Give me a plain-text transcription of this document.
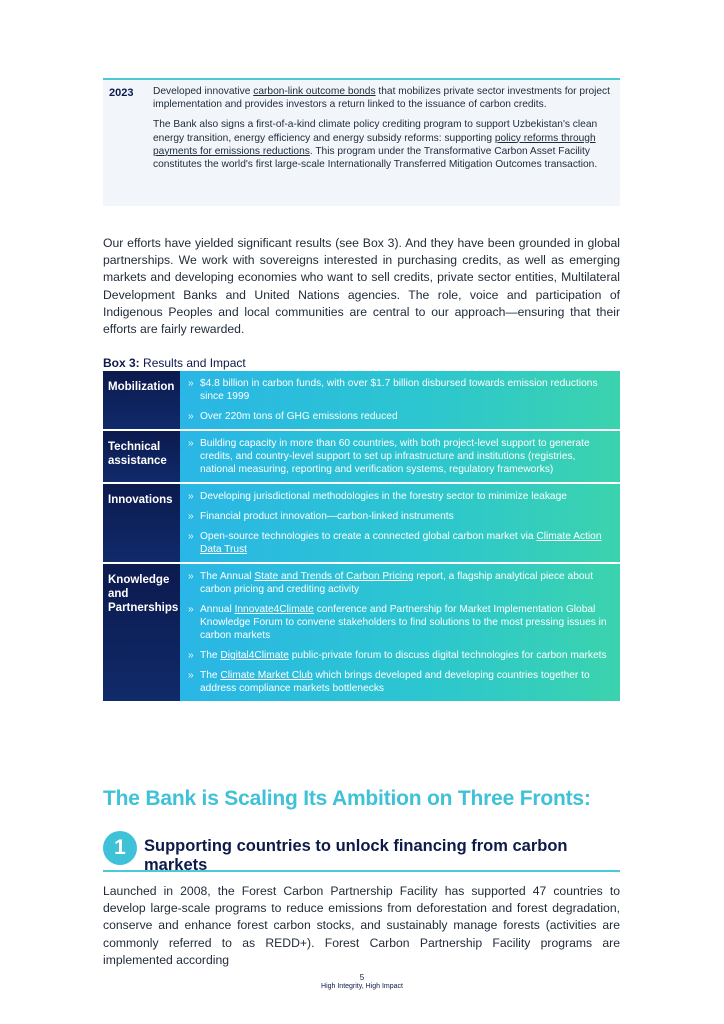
2023 Developed innovative carbon-link outcome bonds that mobilizes private sector investments for project implementation and provides investors a return linked to the issuance of carbon credits.

The Bank also signs a first-of-a-kind climate policy crediting program to support Uzbekistan's clean energy transition, energy efficiency and energy subsidy reforms: supporting policy reforms through payments for emissions reductions. This program under the Transformative Carbon Asset Facility constitutes the world's first large-scale Internationally Transferred Mitigation Outcomes transaction.

Our efforts have yielded significant results (see Box 3). And they have been grounded in global partnerships. We work with sovereigns interested in purchasing credits, as well as emerging markets and developing economies who want to sell credits, private sector entities, Multilateral Development Banks and United Nations agencies. The role, voice and participation of Indigenous Peoples and local communities are central to our approach—ensuring that their efforts are fairly rewarded.

Box 3: Results and Impact
Mobilization	» $4.8 billion in carbon funds, with over $1.7 billion disbursed towards emission reductions since 1999
» Over 220m tons of GHG emissions reduced
Technical assistance
» Building capacity in more than 60 countries, with both project-level support to generate credits, and country-level support to set up infrastructure and institutions (registries, national measuring, reporting and verification systems, regulatory frameworks)
Innovations	» Developing jurisdictional methodologies in the forestry sector to minimize leakage
» Financial product innovation—carbon-linked instruments
» Open-source technologies to create a connected global carbon market via Climate Action Data Trust
Knowledge and Partnerships
» The Annual State and Trends of Carbon Pricing report, a flagship analytical piece about carbon pricing and crediting activity
» Annual Innovate4Climate conference and Partnership for Market Implementation Global Knowledge Forum to convene stakeholders to find solutions to the most pressing issues in carbon markets
» The Digital4Climate public-private forum to discuss digital technologies for carbon markets
» The Climate Market Club which brings developed and developing countries together to address compliance markets bottlenecks
The Bank is Scaling Its Ambition on Three Fronts:
1	Supporting countries to unlock financing from carbon markets

Launched in 2008, the Forest Carbon Partnership Facility has supported 47 countries to develop large-scale programs to reduce emissions from deforestation and forest degradation, conserve and enhance forest carbon stocks, and sustainably manage forests (activities are commonly referred to as REDD+). Forest Carbon Partnership Facility programs are implemented according

5
High Integrity, High Impact
